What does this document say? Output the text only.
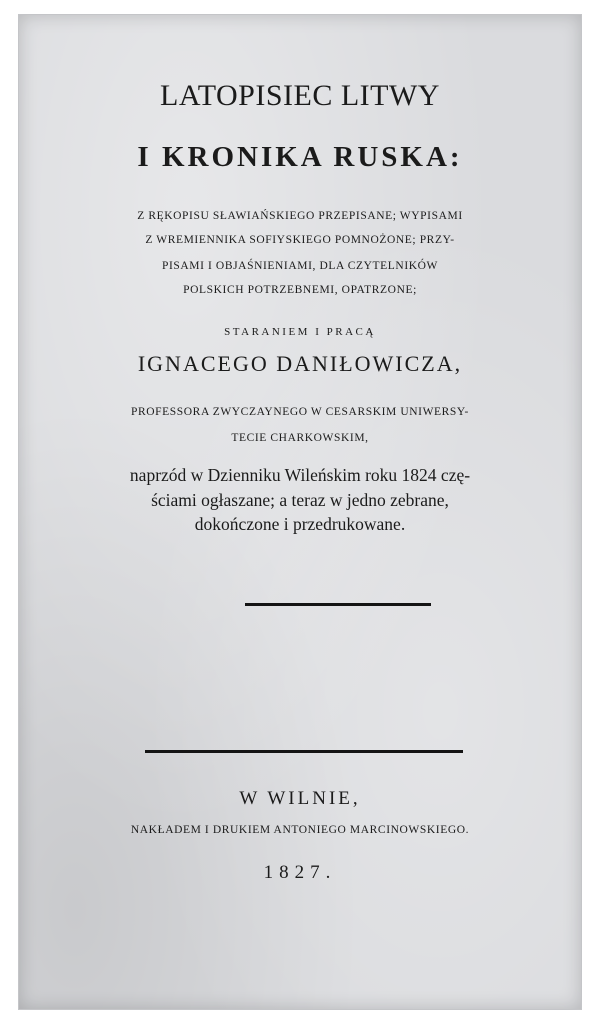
LATOPISIEC LITWY
I KRONIKA RUSKA:
Z RĘKOPISU SŁAWIAŃSKIEGO PRZEPISANE; WYPISAMI
Z WREMIENNIKA SOFIYSKIEGO POMNOŻONE; PRZY-
PISAMI I OBJAŚNIENIAMI, DLA CZYTELNIKÓW
POLSKICH POTRZEBNEMI, OPATRZONE;
STARANIEM I PRACĄ
IGNACEGO DANIŁOWICZA,
PROFESSORA ZWYCZAYNEGO W CESARSKIM UNIWERSY-
TECIE CHARKOWSKIM,
naprzód w Dzienniku Wileńskim roku 1824 czę-
ściami ogłaszane; a teraz w jedno zebrane,
dokończone i przedrukowane.
W WILNIE,
NAKŁADEM I DRUKIEM ANTONIEGO MARCINOWSKIEGO.
1827.
